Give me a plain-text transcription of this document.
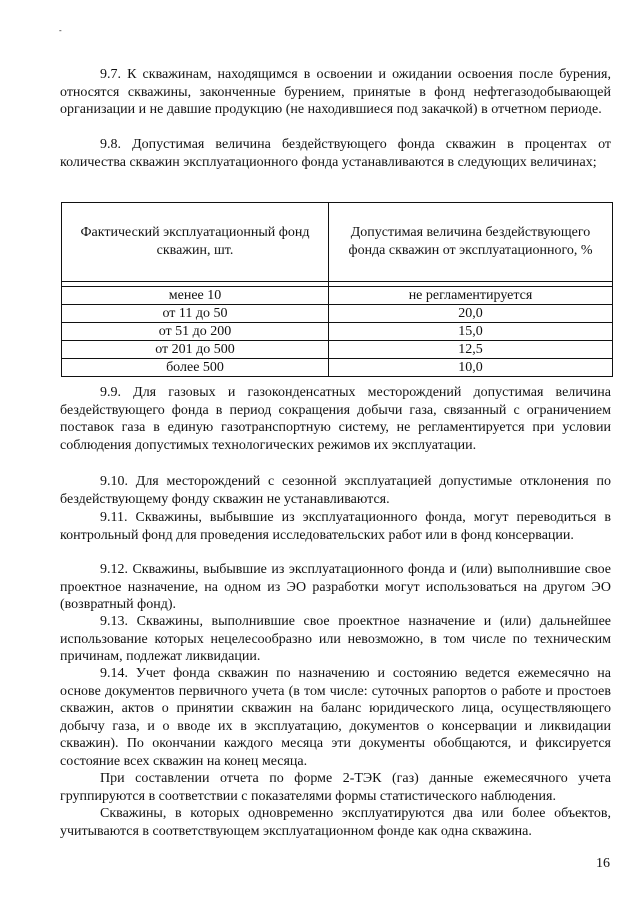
-

9.7. К скважинам, находящимся в освоении и ожидании освоения после бурения, относятся скважины, законченные бурением, принятые в фонд нефтегазодобывающей организации и не давшие продукцию (не находившиеся под закачкой) в отчетном периоде.

9.8. Допустимая величина бездействующего фонда скважин в процентах от количества скважин эксплуатационного фонда устанавливаются в следующих величинах;

Фактический эксплуатационный фонд скважин, шт.	Допустимая величина бездействующего фонда скважин от эксплуатационного, %

менее 10	не регламентируется
от 11 до 50	20,0
от 51 до 200	15,0
от 201 до 500	12,5
более 500	10,0

9.9. Для газовых и газоконденсатных месторождений допустимая величина бездействующего фонда в период сокращения добычи газа, связанный с ограничением поставок газа в единую газотранспортную систему, не регламентируется при условии соблюдения допустимых технологических режимов их эксплуатации.

9.10. Для месторождений с сезонной эксплуатацией допустимые отклонения по бездействующему фонду скважин не устанавливаются.

9.11. Скважины, выбывшие из эксплуатационного фонда, могут переводиться в контрольный фонд для проведения исследовательских работ или в фонд консервации.

9.12. Скважины, выбывшие из эксплуатационного фонда и (или) выполнившие свое проектное назначение, на одном из ЭО разработки могут использоваться на другом ЭО (возвратный фонд).

9.13. Скважины, выполнившие свое проектное назначение и (или) дальнейшее использование которых нецелесообразно или невозможно, в том числе по техническим причинам, подлежат ликвидации.

9.14. Учет фонда скважин по назначению и состоянию ведется ежемесячно на основе документов первичного учета (в том числе: суточных рапортов о работе и простоев скважин, актов о принятии скважин на баланс юридического лица, осуществляющего добычу газа, и о вводе их в эксплуатацию, документов о консервации и ликвидации скважин). По окончании каждого месяца эти документы обобщаются, и фиксируется состояние всех скважин на конец месяца.

При составлении отчета по форме 2-ТЭК (газ) данные ежемесячного учета группируются в соответствии с показателями формы статистического наблюдения.

Скважины, в которых одновременно эксплуатируются два или более объектов, учитываются в соответствующем эксплуатационном фонде как одна скважина.

16
